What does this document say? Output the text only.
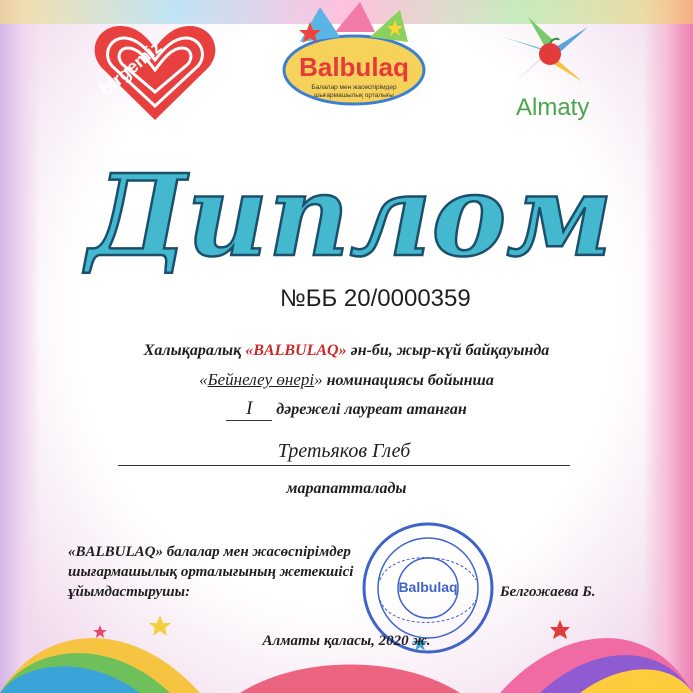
birgemiz	Balbulaq
Балалар мен жасөспірімдер шығармашылық орталығы	Almaty
Диплом
№ББ 20/0000359
Халықаралық «BALBULAQ» ән-би, жыр-күй байқауында
«Бейнелеу өнері» номинациясы бойынша
I дәрежелі лауреат атанған
Третьяков Глеб
марапатталады
«BALBULAQ» балалар мен жасөспірімдер
шығармашылық орталығының жетекшісі
ұйымдастырушы:	Белгожаева Б.
Balbulaq
Алматы қаласы, 2020 ж.
